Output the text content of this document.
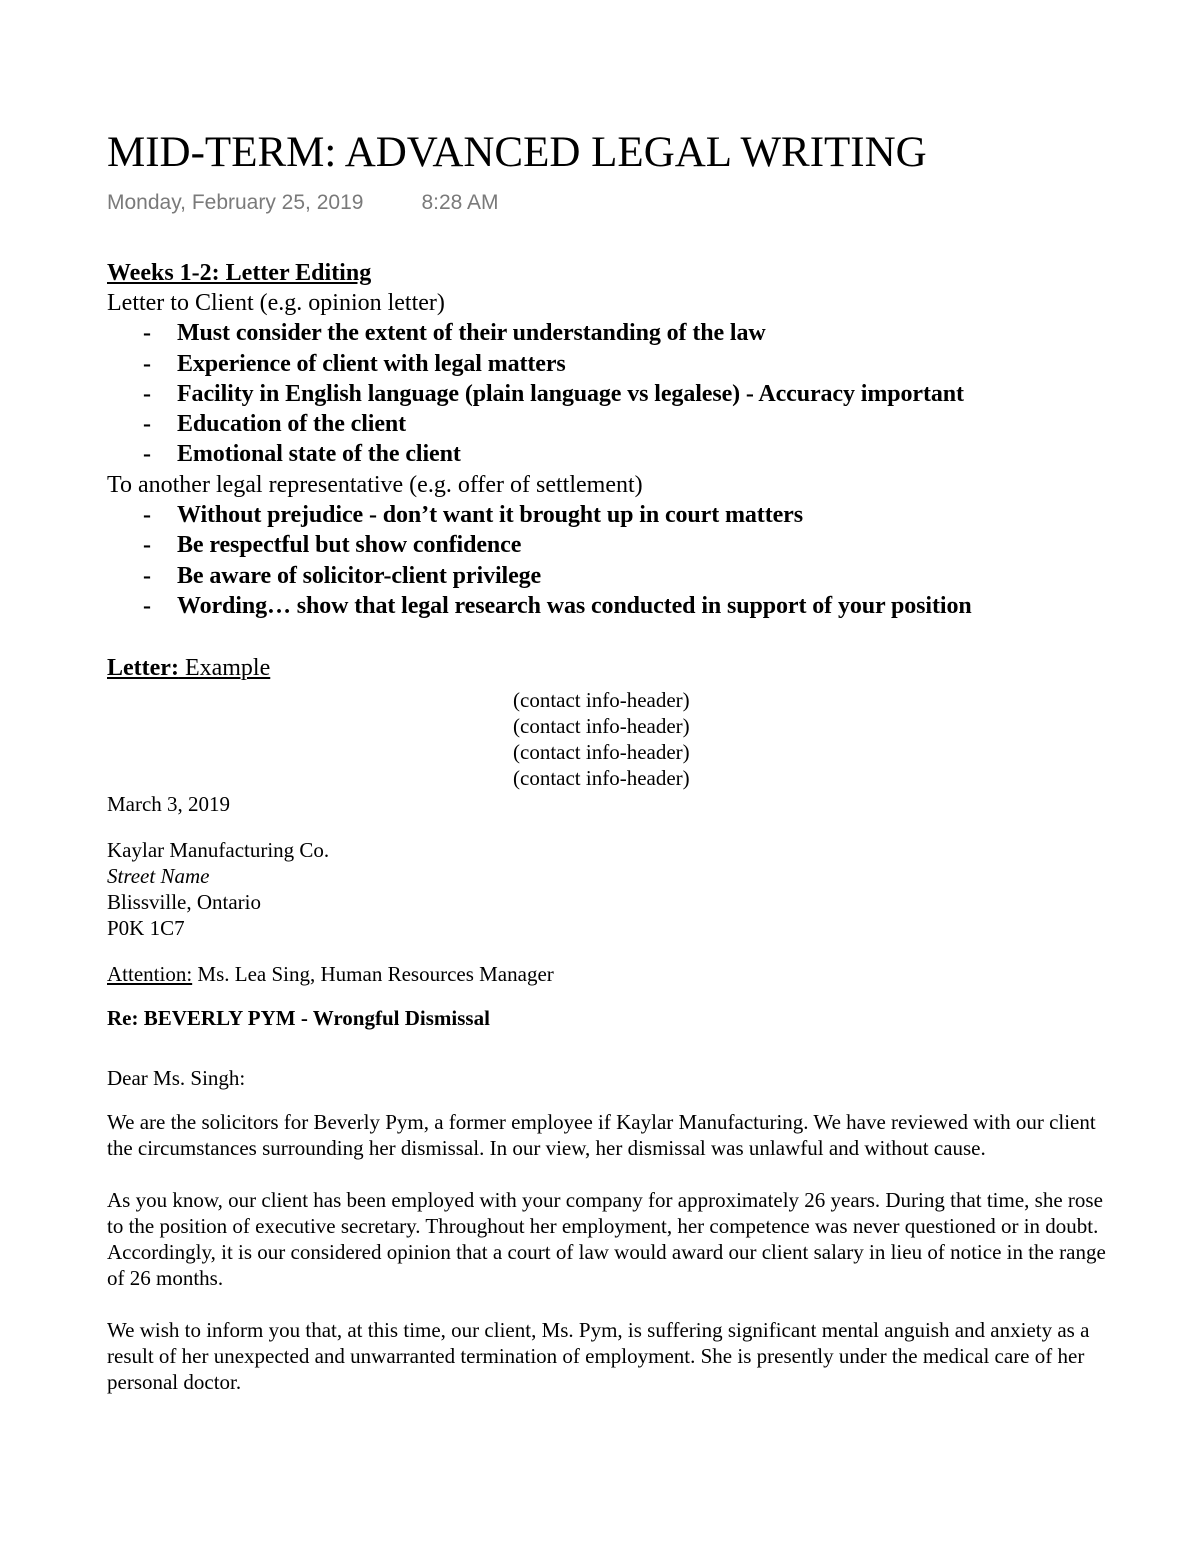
MID-TERM: ADVANCED LEGAL WRITING
Monday, February 25, 2019	8:28 AM
Weeks 1-2: Letter Editing
Letter to Client (e.g. opinion letter)
- Must consider the extent of their understanding of the law
- Experience of client with legal matters
- Facility in English language (plain language vs legalese) - Accuracy important
- Education of the client
- Emotional state of the client
To another legal representative (e.g. offer of settlement)
- Without prejudice - don’t want it brought up in court matters
- Be respectful but show confidence
- Be aware of solicitor-client privilege
- Wording… show that legal research was conducted in support of your position
Letter: Example
(contact info-header)
(contact info-header)
(contact info-header)
(contact info-header)
March 3, 2019
Kaylar Manufacturing Co.
Street Name
Blissville, Ontario
P0K 1C7
Attention: Ms. Lea Sing, Human Resources Manager
Re: BEVERLY PYM - Wrongful Dismissal
Dear Ms. Singh:
We are the solicitors for Beverly Pym, a former employee if Kaylar Manufacturing. We have reviewed with our client the circumstances surrounding her dismissal. In our view, her dismissal was unlawful and without cause.
As you know, our client has been employed with your company for approximately 26 years. During that time, she rose to the position of executive secretary. Throughout her employment, her competence was never questioned or in doubt. Accordingly, it is our considered opinion that a court of law would award our client salary in lieu of notice in the range of 26 months.
We wish to inform you that, at this time, our client, Ms. Pym, is suffering significant mental anguish and anxiety as a result of her unexpected and unwarranted termination of employment. She is presently under the medical care of her personal doctor.
